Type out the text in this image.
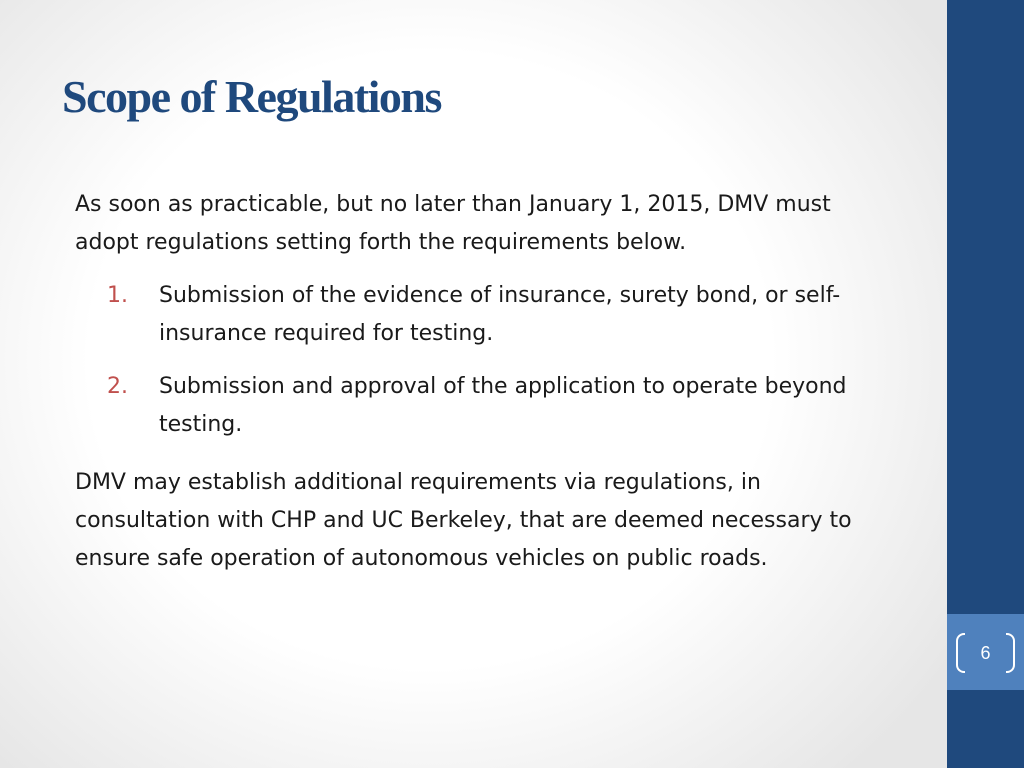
Scope of Regulations

As soon as practicable, but no later than January 1, 2015, DMV must adopt regulations setting forth the requirements below.

1. Submission of the evidence of insurance, surety bond, or self-insurance required for testing.
2. Submission and approval of the application to operate beyond testing.

DMV may establish additional requirements via regulations, in consultation with CHP and UC Berkeley, that are deemed necessary to ensure safe operation of autonomous vehicles on public roads.

6
